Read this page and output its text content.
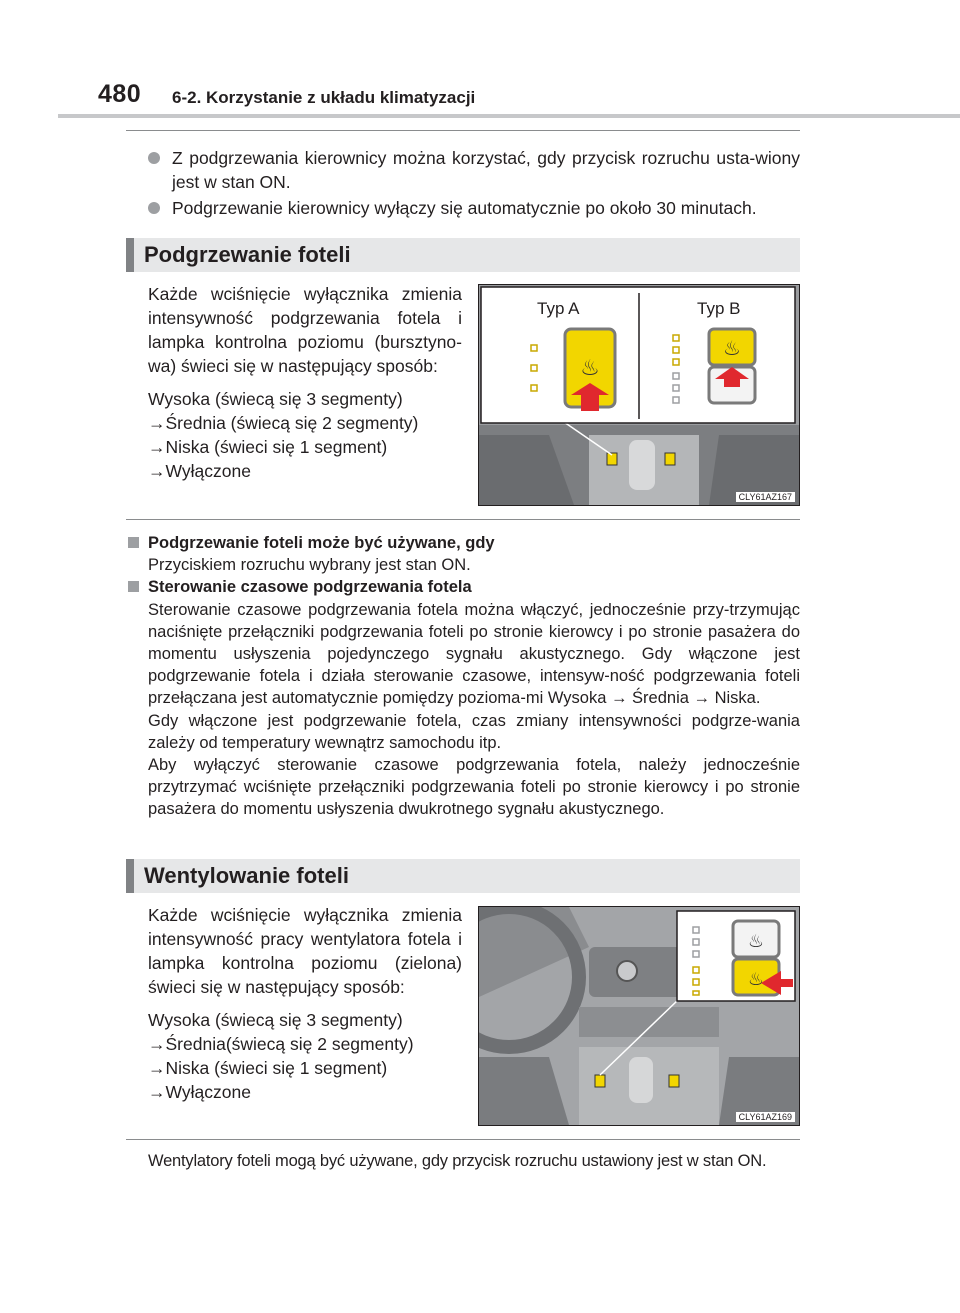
480 6-2. Korzystanie z układu klimatyzacji
Z podgrzewania kierownicy można korzystać, gdy przycisk rozruchu usta-wiony jest w stan ON.
Podgrzewanie kierownicy wyłączy się automatycznie po około 30 minutach.
Podgrzewanie foteli

Każde wciśnięcie wyłącznika zmienia intensywność podgrzewania fotela i lampka kontrolna poziomu (bursztyno-wa) świeci się w następujący sposób:

Wysoka (świecą się 3 segmenty)
→Średnia (świecą się 2 segmenty)
→Niska (świeci się 1 segment)
→Wyłączone

♨
♨
Typ A	Typ B
CLY61AZ167
Podgrzewanie foteli może być używane, gdy
Przyciskiem rozruchu wybrany jest stan ON.
Sterowanie czasowe podgrzewania fotela
Sterowanie czasowe podgrzewania fotela można włączyć, jednocześnie przy-trzymując naciśnięte przełączniki podgrzewania foteli po stronie kierowcy i po stronie pasażera do momentu usłyszenia pojedynczego sygnału akustycznego. Gdy włączone jest podgrzewanie fotela i działa sterowanie czasowe, intensyw-ność podgrzewania foteli przełączana jest automatycznie pomiędzy pozioma-mi Wysoka → Średnia → Niska.
Gdy włączone jest podgrzewanie fotela, czas zmiany intensywności podgrze-wania zależy od temperatury wewnątrz samochodu itp.
Aby wyłączyć sterowanie czasowe podgrzewania fotela, należy jednocześnie przytrzymać wciśnięte przełączniki podgrzewania foteli po stronie kierowcy i po stronie pasażera do momentu usłyszenia dwukrotnego sygnału akustycznego.
Wentylowanie foteli

Każde wciśnięcie wyłącznika zmienia intensywność pracy wentylatora fotela i lampka kontrolna poziomu (zielona) świeci się w następujący sposób:

Wysoka (świecą się 3 segmenty)
→Średnia(świecą się 2 segmenty)
→Niska (świeci się 1 segment)
→Wyłączone

♨
♨
CLY61AZ169
Wentylatory foteli mogą być używane, gdy przycisk rozruchu ustawiony jest w stan ON.
